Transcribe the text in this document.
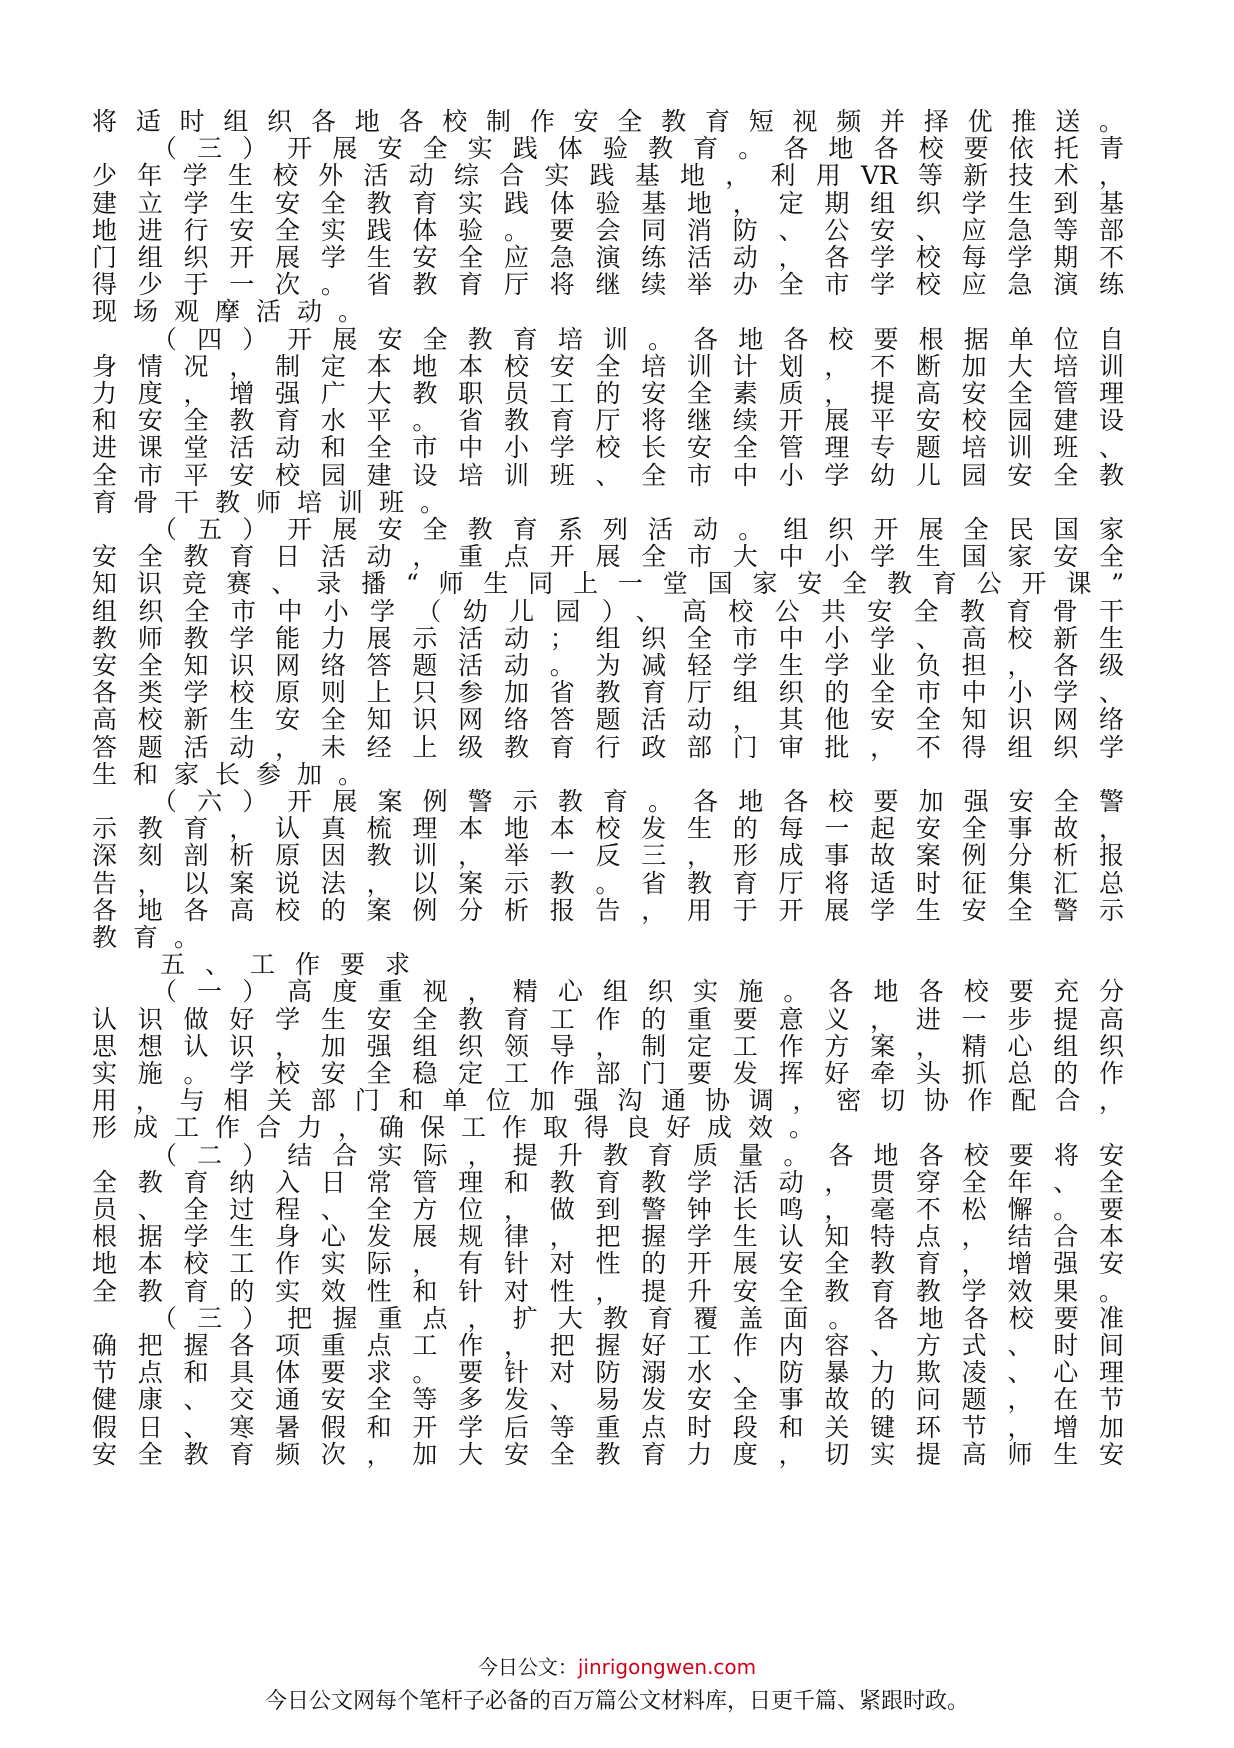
将适时组织各地各校制作安全教育短视频并择优推送。
（三）开展安全实践体验教育。各地各校要依托青
少年学生校外活动综合实践基地，利用VR等新技术，
建立学生安全教育实践体验基地，定期组织学生到基
地进行安全实践体验。要会同消防、公安、应急等部
门组织开展学生安全应急演练活动，各学校每学期不
得少于一次。省教育厅将继续举办全市学校应急演练
现场观摩活动。
（四）开展安全教育培训。各地各校要根据单位自
身情况，制定本地本校安全培训计划，不断加大培训
力度，增强广大教职员工的安全素质，提高安全管理
和安全教育水平。省教育厅将继续开展平安校园建设
进课堂活动和全市中小学校长安全管理专题培训班、
全市平安校园建设培训班、全市中小学幼儿园安全教
育骨干教师培训班。
（五）开展安全教育系列活动。组织开展全民国家
安全教育日活动，重点开展全市大中小学生国家安全
知识竞赛、录播“师生同上一堂国家安全教育公开课”
组织全市中小学（幼儿园）、高校公共安全教育骨干
教师教学能力展示活动；组织全市中小学、高校新生
安全知识网络答题活动。为减轻学生学业负担，各级
各类学校原则上只参加省教育厅组织的全市中小学、
高校新生安全知识网络答题活动，其他安全知识网络
答题活动，未经上级教育行政部门审批，不得组织学
生和家长参加。
（六）开展案例警示教育。各地各校要加强安全警
示教育，认真梳理本地本校发生的每一起安全事故，
深刻剖析原因教训，举一反三，形成事故案例分析报
告，以案说法，以案示教。省教育厅将适时征集汇总
各地各高校的案例分析报告，用于开展学生安全警示
教育。
五、工作要求
（一）高度重视，精心组织实施。各地各校要充分
认识做好学生安全教育工作的重要意义，进一步提高
思想认识，加强组织领导，制定工作方案，精心组织
实施。学校安全稳定工作部门要发挥好牵头抓总的作
用，与相关部门和单位加强沟通协调，密切协作配合，
形成工作合力，确保工作取得良好成效。
（二）结合实际，提升教育质量。各地各校要将安
全教育纳入日常管理和教育教学活动，贯穿全年、全
员、全过程、全方位，做到警钟长鸣，毫不松懈。要
根据学生身心发展规律，把握学生认知特点，结合本
地本校工作实际，有针对性的开展安全教育，增强安
全教育的实效性和针对性，提升安全教育教学效果。
（三）把握重点，扩大教育覆盖面。各地各校要准
确把握各项重点工作，把握好工作内容、方式、时间
节点和具体要求。要针对防溺水、防暴力欺凌、心理
健康、交通安全等多发、易发安全事故的问题，在节
假日、寒暑假和开学后等重点时段和关键环节，增加
安全教育频次，加大安全教育力度，切实提高师生安
今日公文：jinrigongwen.com
今日公文网每个笔杆子必备的百万篇公文材料库，日更千篇、紧跟时政。
